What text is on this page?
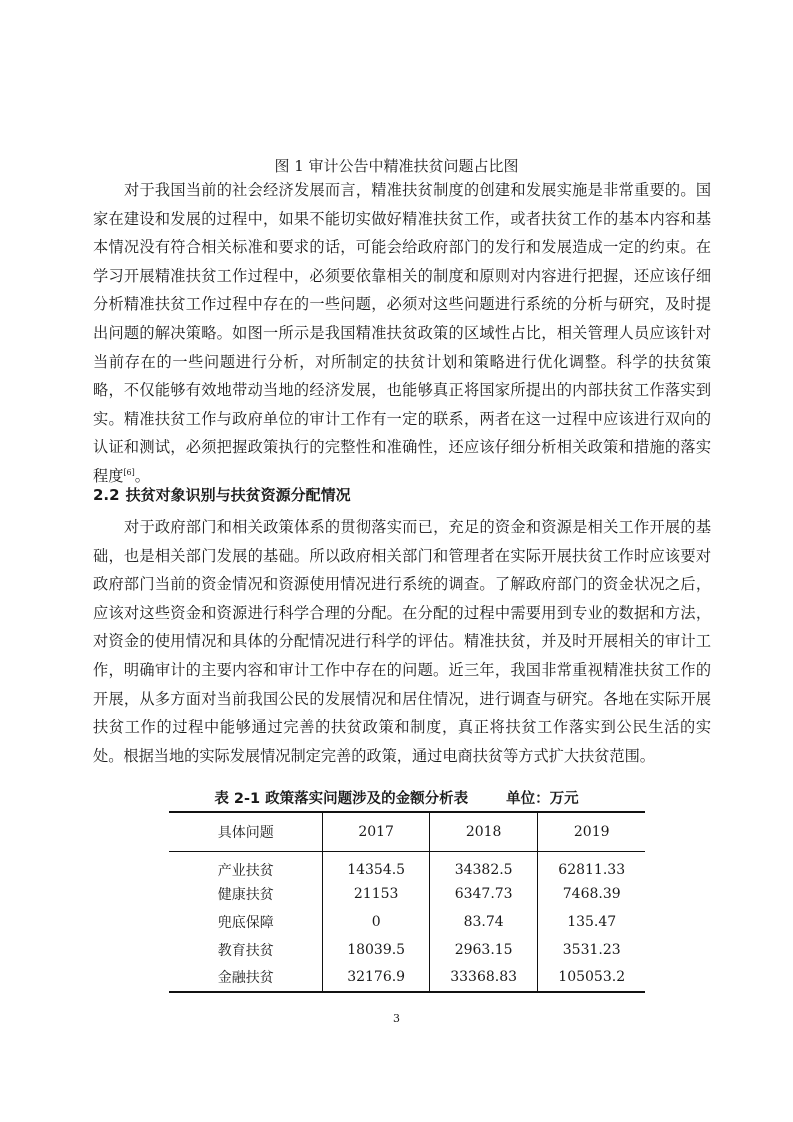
图 1 审计公告中精准扶贫问题占比图

对于我国当前的社会经济发展而言，精准扶贫制度的创建和发展实施是非常重要的。国家在建设和发展的过程中，如果不能切实做好精准扶贫工作，或者扶贫工作的基本内容和基本情况没有符合相关标准和要求的话，可能会给政府部门的发行和发展造成一定的约束。在学习开展精准扶贫工作过程中，必须要依靠相关的制度和原则对内容进行把握，还应该仔细分析精准扶贫工作过程中存在的一些问题，必须对这些问题进行系统的分析与研究，及时提出问题的解决策略。如图一所示是我国精准扶贫政策的区域性占比，相关管理人员应该针对当前存在的一些问题进行分析，对所制定的扶贫计划和策略进行优化调整。科学的扶贫策略，不仅能够有效地带动当地的经济发展，也能够真正将国家所提出的内部扶贫工作落实到实。精准扶贫工作与政府单位的审计工作有一定的联系，两者在这一过程中应该进行双向的认证和测试，必须把握政策执行的完整性和准确性，还应该仔细分析相关政策和措施的落实程度[6]。

2.2 扶贫对象识别与扶贫资源分配情况

对于政府部门和相关政策体系的贯彻落实而已，充足的资金和资源是相关工作开展的基础，也是相关部门发展的基础。所以政府相关部门和管理者在实际开展扶贫工作时应该要对政府部门当前的资金情况和资源使用情况进行系统的调查。了解政府部门的资金状况之后，应该对这些资金和资源进行科学合理的分配。在分配的过程中需要用到专业的数据和方法，对资金的使用情况和具体的分配情况进行科学的评估。精准扶贫，并及时开展相关的审计工作，明确审计的主要内容和审计工作中存在的问题。近三年，我国非常重视精准扶贫工作的开展，从多方面对当前我国公民的发展情况和居住情况，进行调查与研究。各地在实际开展扶贫工作的过程中能够通过完善的扶贫政策和制度，真正将扶贫工作落实到公民生活的实处。根据当地的实际发展情况制定完善的政策，通过电商扶贫等方式扩大扶贫范围。

表 2-1 政策落实问题涉及的金额分析表	单位：万元
具体问题	2017	2018	2019
产业扶贫	14354.5	34382.5	62811.33
健康扶贫	21153	6347.73	7468.39
兜底保障	0	83.74	135.47
教育扶贫	18039.5	2963.15	3531.23
金融扶贫	32176.9	33368.83	105053.2
3
